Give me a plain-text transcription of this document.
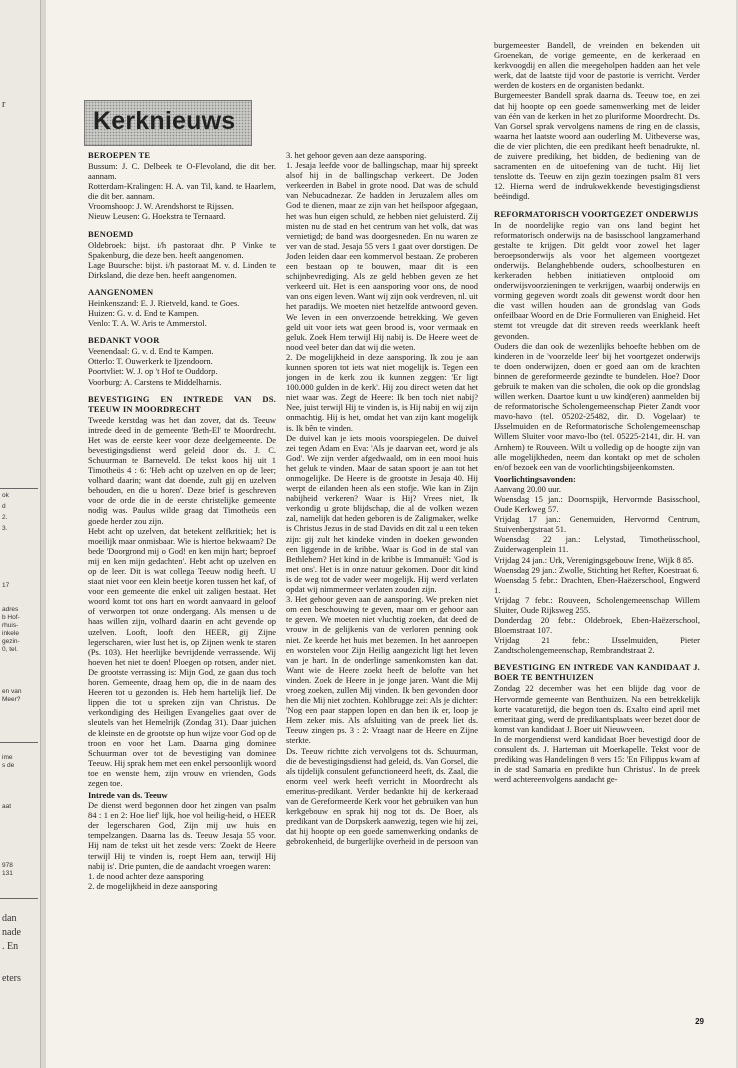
r
ok
d
2.
3.
17
adres
b Hof-
rhuis-
inkele
gezin-
0, tel.
en van
Meer?
ime
s de
aat
978
131
dan
nade
. En
eters
Kerknieuws
BEROEPEN TE

Bussum: J. C. Delbeek te O-Flevoland, die dit ber. aannam.

Rotterdam-Kralingen: H. A. van Til, kand. te Haarlem, die dit ber. aannam.

Vroomshoop: J. W. Arendshorst te Rijssen.

Nieuw Leusen: G. Hoekstra te Ternaard.

BENOEMD

Oldebroek: bijst. i/h pastoraat dhr. P Vinke te Spakenburg, die deze ben. heeft aangenomen.

Lage Buursche: bijst. i/h pastoraat M. v. d. Linden te Dirksland, die deze ben. heeft aangenomen.

AANGENOMEN

Heinkenszand: E. J. Rietveld, kand. te Goes.

Huizen: G. v. d. End te Kampen.

Venlo: T. A. W. Aris te Ammerstol.

BEDANKT VOOR

Veenendaal: G. v. d. End te Kampen.

Otterlo: T. Ouwerkerk te Ijzendoorn.

Poortvliet: W. J. op 't Hof te Ouddorp.

Voorburg: A. Carstens te Middelharnis.

BEVESTIGING EN INTREDE VAN DS. TEEUW IN MOORDRECHT

Tweede kerstdag was het dan zover, dat ds. Teeuw intrede deed in de gemeente 'Beth-El' te Moordrecht. Het was de eerste keer voor deze deelgemeente. De bevestigingsdienst werd geleid door ds. J. C. Schuurman te Barneveld. De tekst koos hij uit 1 Timotheüs 4 : 6: 'Heb acht op uzelven en op de leer; volhard daarin; want dat doende, zult gij en uzelven behouden, en die u horen'. Deze brief is geschreven voor de orde die in de eerste christelijke gemeente nodig was. Paulus wilde graag dat Timotheüs een goede herder zou zijn.

Hebt acht op uzelven, dat betekent zelfkritiek; het is moeilijk maar onmisbaar. Wie is hiertoe bekwaam? De bede 'Doorgrond mij o God! en ken mijn hart; beproef mij en ken mijn gedachten'. Hebt acht op uzelven en op de leer. Dit is wat collega Teeuw nodig heeft. U staat niet voor een klein beetje koren tussen het kaf, of voor een gemeente die enkel uit zaligen bestaat. Het woord komt tot ons hart en wordt aanvaard in geloof of verworpen tot onze ondergang. Als mensen u de haas willen zijn, volhard daarin en acht gevende op uzelven. Looft, looft den HEER, gij Zijne legerscharen, wier lust het is, op Zijnen wenk te staren (Ps. 103). Het heerlijke bevrijdende verrassende. Wij hoeven het niet te doen! Ploegen op rotsen, ander niet. De grootste verrassing is: Mijn God, ze gaan dus toch horen. Gemeente, draag hem op, die in de naam des Heeren tot u gezonden is. Heb hem hartelijk lief. De lippen die tot u spreken zijn van Christus. De verkondiging des Heiligen Evangelies gaat over de sleutels van het Hemelrijk (Zondag 31). Daar juichen de kleinste en de grootste op hun wijze voor God op de troon en voor het Lam. Daarna ging dominee Schuurman over tot de bevestiging van dominee Teeuw. Hij sprak hem met een enkel persoonlijk woord toe en wenste hem, zijn vrouw en vrienden, Gods zegen toe.

Intrede van ds. Teeuw

De dienst werd begonnen door het zingen van psalm 84 : 1 en 2: Hoe lief' lijk, hoe vol heilig-heid, o HEER der legerscharen God, Zijn mij uw huis en tempelzangen. Daarna las ds. Teeuw Jesaja 55 voor. Hij nam de tekst uit het zesde vers: 'Zoekt de Heere terwijl Hij te vinden is, roept Hem aan, terwijl Hij nabij is'. Drie punten, die de aandacht vroegen waren:

1. de nood achter deze aansporing

2. de mogelijkheid in deze aansporing

3. het gehoor geven aan deze aansporing.

1. Jesaja leefde voor de ballingschap, maar hij spreekt alsof hij in de ballingschap verkeert. De Joden verkeerden in Babel in grote nood. Dat was de schuld van Nebucadnezar. Ze hadden in Jeruzalem alles om God te dienen, maar ze zijn van het heilspoor afgegaan, het was hun eigen schuld, ze hebben niet geluisterd. Zij misten nu de stad en het centrum van het volk, dat was vernietigd; de band was doorgesneden. En nu waren ze ver van de stad. Jesaja 55 vers 1 gaat over dorstigen. De Joden leiden daar een kommervol bestaan. Ze proberen een bestaan op te bouwen, maar dit is een schijnbevrediging. Als ze geld hebben geven ze het verkeerd uit. Het is een aansporing voor ons, de nood van ons eigen leven. Want wij zijn ook verdreven, nl. uit het paradijs. We moeten niet hetzelfde antwoord geven. We leven in een onverzoende betrekking. We geven geld uit voor iets wat geen brood is, voor vermaak en geluk. Zoek Hem terwijl Hij nabij is. De Heere weet de nood veel beter dan dat wij die weten.

2. De mogelijkheid in deze aansporing. Ik zou je aan kunnen sporen tot iets wat niet mogelijk is. Tegen een jongen in de kerk zou ik kunnen zeggen: 'Er ligt 100.000 gulden in de kerk'. Hij zou direct weten dat het niet waar was. Zegt de Heere: Ik ben toch niet nabij? Nee, juist terwijl Hij te vinden is, is Hij nabij en wij zijn onmachtig. Hij is het, omdat het van zijn kant mogelijk is. Ik bên te vinden.

De duivel kan je iets moois voorspiegelen. De duivel zei tegen Adam en Eva: 'Als je daarvan eet, word je als God'. We zijn verder afgedwaald, om in een mooi huis het geluk te vinden. Maar de satan spoort je aan tot het onmogelijke. De Heere is de grootste in Jesaja 40. Hij werpt de eilanden heen als een stofje. Wie kan in Zijn nabijheid verkeren? Waar is Hij? Vrees niet, Ik verkondig u grote blijdschap, die al de volken wezen zal, namelijk dat heden geboren is de Zaligmaker, welke is Christus Jezus in de stad Davids en dit zal u een teken zijn: gij zult het kindeke vinden in doeken gewonden een liggende in de kribbe. Waar is God in de stal van Bethlehem? Het kind in de kribbe is Immanuël: 'God is met ons'. Het is in onze natuur gekomen. Door dit kind is de weg tot de vader weer mogelijk. Hij werd verlaten opdat wij nimmermeer verlaten zouden zijn.

3. Het gehoor geven aan de aansporing. We preken niet om een beschouwing te geven, maar om er gehoor aan te geven. We moeten niet vluchtig zoeken, dat deed de vrouw in de gelijkenis van de verloren penning ook niet. Ze keerde het huis met bezemen. In het aanroepen en worstelen voor Zijn Heilig aangezicht ligt het leven van je hart. In de onderlinge samenkomsten kan dat. Want wie de Heere zoekt heeft de belofte van het vinden. Zoek de Heere in je jonge jaren. Want die Mij vroeg zoeken, zullen Mij vinden. Ik ben gevonden door hen die Mij niet zochten. Kohlbrugge zei: Als je dichter: 'Nog een paar stappen lopen en dan ben ik er, loop je Hem zeker mis. Als afsluiting van de preek liet ds. Teeuw zingen ps. 3 : 2: Vraagt naar de Heere en Zijne sterkte.

Ds. Teeuw richtte zich vervolgens tot ds. Schuurman, die de bevestigingsdienst had geleid, ds. Van Gorsel, die als tijdelijk consulent gefunctioneerd heeft, ds. Zaal, die enorm veel werk heeft verricht in Moordrecht als emeritus-predikant. Verder bedankte hij de kerkeraad van de Gereformeerde Kerk voor het gebruiken van hun kerkgebouw en sprak hij nog tot ds. De Boer, als predikant van de Dorpskerk aanwezig, tegen wie hij zei, dat hij hoopte op een goede samenwerking ondanks de gebrokenheid, de burgerlijke overheid in de persoon van

burgemeester Bandell, de vreinden en bekenden uit Groenekan, de vorige gemeente, en de kerkeraad en kerkvoogdij en allen die meegeholpen hadden aan het vele werk, dat de laatste tijd voor de pastorie is verricht. Verder werden de kosters en de organisten bedankt.

Burgemeester Bandell sprak daarna ds. Teeuw toe, en zei dat hij hoopte op een goede samenwerking met de leider van één van de kerken in het zo pluriforme Moordrecht. Ds. Van Gorsel sprak vervolgens namens de ring en de classis, waarna het laatste woord aan ouderling M. Uitbeverse was, die de vier plichten, die een predikant heeft benadrukte, nl. de zuivere prediking, het bidden, de bediening van de sacramenten en de uitoefening van de tucht. Hij liet tenslotte ds. Teeuw en zijn gezin toezingen psalm 81 vers 12. Hierna werd de indrukwekkende bevestigingsdienst beëindigd.

REFORMATORISCH VOORTGEZET ONDERWIJS

In de noordelijke regio van ons land begint het reformatorisch onderwijs na de basisschool langzamerhand gestalte te krijgen. Dit geldt voor zowel het lager beroepsonderwijs als voor het algemeen voortgezet onderwijs. Belanghebbende ouders, schoolbesturen en kerkeraden hebben initiatieven ontplooid om onderwijsvoorzieningen te verkrijgen, waarbij onderwijs en vorming gegeven wordt zoals dit gewenst wordt door hen die vast willen houden aan de grondslag van Gods onfeilbaar Woord en de Drie Formulieren van Enigheid. Het stemt tot vreugde dat dit streven reeds weerklank heeft gevonden.

Ouders die dan ook de wezenlijks behoefte hebben om de kinderen in de 'voorzelde leer' bij het voortgezet onderwijs te doen onderwijzen, doen er goed aan om de krachten binnen de gereformeerde gezindte te bundelen. Hoe? Door gebruik te maken van die scholen, die ook op die grondslag willen werken. Daartoe kunt u uw kind(eren) aanmelden bij de reformatorische Scholengemeenschap Pieter Zandt voor mavo-havo (tel. 05202-25482, dir. D. Vogelaar) te IJsselmuiden en de Reformatorische Scholengemeenschap Willem Sluiter voor mavo-lbo (tel. 05225-2141, dir. H. van Arnhem) te Rouveen. Wilt u volledig op de hoogte zijn van alle mogelijkheden, neem dan kontakt op met de scholen en/of bezoek een van de voorlichtingsbijeenkomsten.

Voorlichtingsavonden:

Aanvang 20.00 uur.

Woensdag 15 jan.: Doornspijk, Hervormde Basisschool, Oude Kerkweg 57.

Vrijdag 17 jan.: Genemuiden, Hervormd Centrum, Stuivenbergstraat 51.

Woensdag 22 jan.: Lelystad, Timotheüsschool, Zuiderwagenplein 11.

Vrijdag 24 jan.: Urk, Verenigingsgebouw Irene, Wijk 8 85.

Woensdag 29 jan.: Zwolle, Stichting het Refter, Koestraat 6.

Woensdag 5 febr.: Drachten, Eben-Haëzerschool, Engwerd 1.

Vrijdag 7 febr.: Rouveen, Scholengemeenschap Willem Sluiter, Oude Rijksweg 255.

Donderdag 20 febr.: Oldebroek, Eben-Haëzerschool, Bloemstraat 107.

Vrijdag 21 febr.: IJsselmuiden, Pieter Zandtscholengemeenschap, Rembrandtstraat 2.

BEVESTIGING EN INTREDE VAN KANDIDAAT J. BOER TE BENTHUIZEN

Zondag 22 december was het een blijde dag voor de Hervormde gemeente van Benthuizen. Na een betrekkelijk korte vacaturetijd, die begon toen ds. Exalto eind april met emeritaat ging, werd de predikantsplaats weer bezet door de komst van kandidaat J. Boer uit Nieuwveen.

In de morgendienst werd kandidaat Boer bevestigd door de consulent ds. J. Harteman uit Moerkapelle. Tekst voor de prediking was Handelingen 8 vers 15: 'En Filippus kwam af in de stad Samaria en predikte hun Christus'. In de preek werd achtereenvolgens aandacht ge-

29
